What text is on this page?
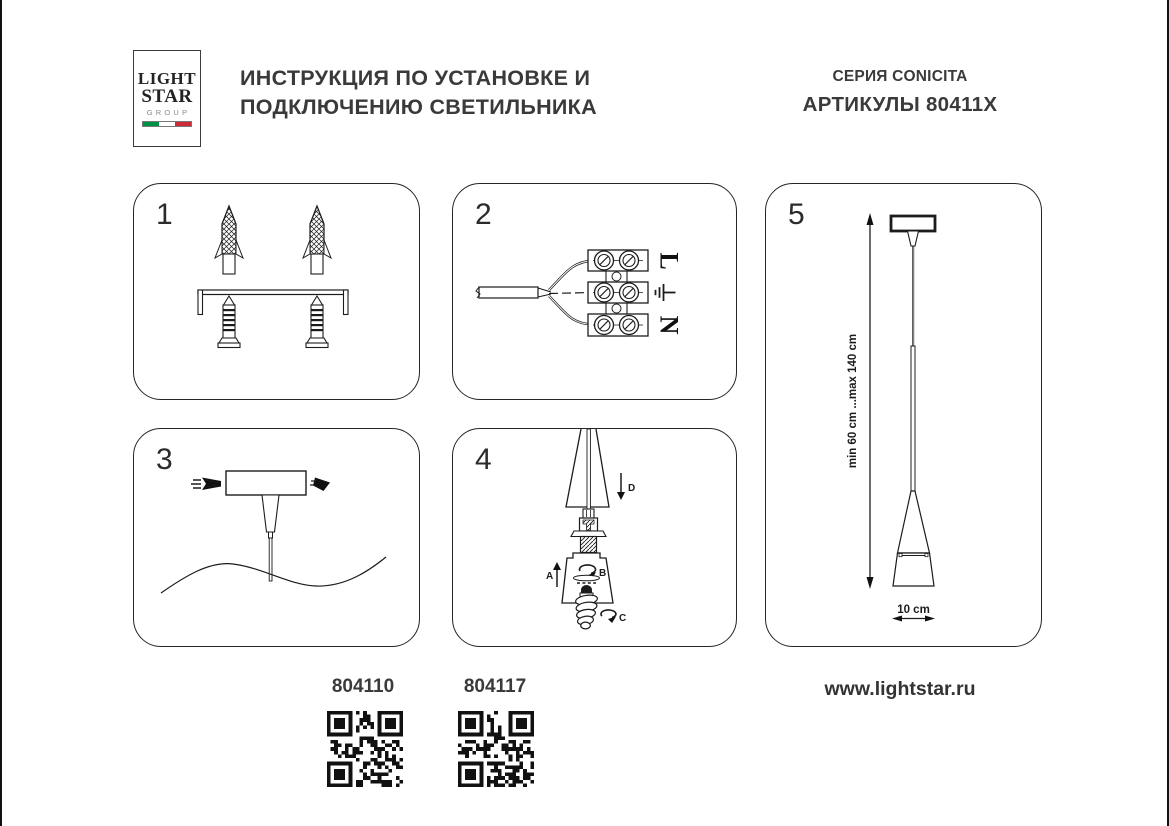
LIGHT
STAR
GROUP
ИНСТРУКЦИЯ ПО УСТАНОВКЕ И
ПОДКЛЮЧЕНИЮ СВЕТИЛЬНИКА
СЕРИЯ CONICITA
АРТИКУЛЫ 80411X
1	2
L
N
3	4
D
B
A
C
5
min 60 cm ...max 140 cm
10 cm
804110	804117	www.lightstar.ru
